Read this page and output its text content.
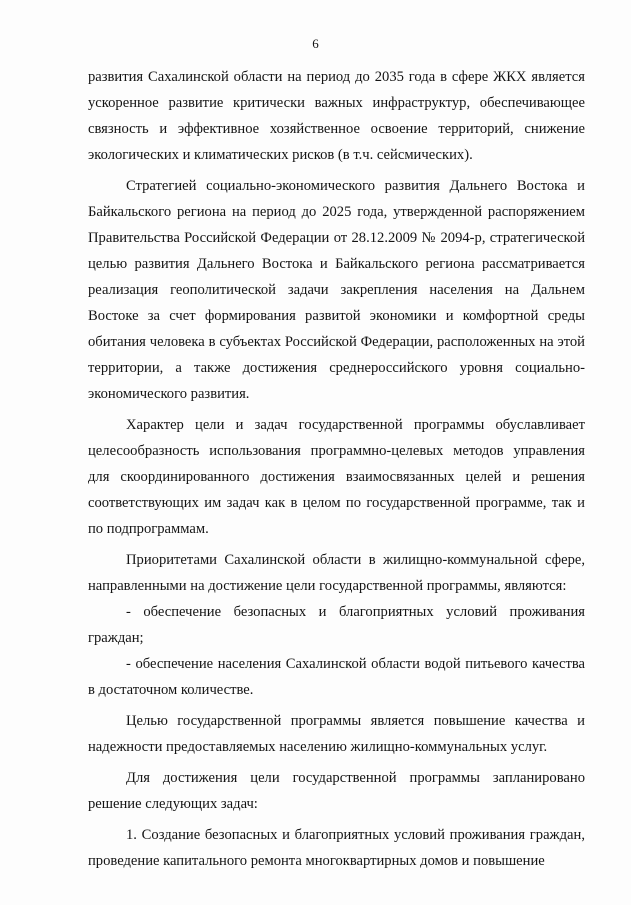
6

развития Сахалинской области на период до 2035 года в сфере ЖКХ является ускоренное развитие критически важных инфраструктур, обеспечивающее связность и эффективное хозяйственное освоение территорий, снижение экологических и климатических рисков (в т.ч. сейсмических).

Стратегией социально-экономического развития Дальнего Востока и Байкальского региона на период до 2025 года, утвержденной распоряжением Правительства Российской Федерации от 28.12.2009 № 2094-р, стратегической целью развития Дальнего Востока и Байкальского региона рассматривается реализация геополитической задачи закрепления населения на Дальнем Востоке за счет формирования развитой экономики и комфортной среды обитания человека в субъектах Российской Федерации, расположенных на этой территории, а также достижения среднероссийского уровня социально-экономического развития.

Характер цели и задач государственной программы обуславливает целесообразность использования программно-целевых методов управления для скоординированного достижения взаимосвязанных целей и решения соответствующих им задач как в целом по государственной программе, так и по подпрограммам.

Приоритетами Сахалинской области в жилищно-коммунальной сфере, направленными на достижение цели государственной программы, являются:

- обеспечение безопасных и благоприятных условий проживания граждан;

- обеспечение населения Сахалинской области водой питьевого качества в достаточном количестве.

Целью государственной программы является повышение качества и надежности предоставляемых населению жилищно-коммунальных услуг.

Для достижения цели государственной программы запланировано решение следующих задач:

1. Создание безопасных и благоприятных условий проживания граждан, проведение капитального ремонта многоквартирных домов и повышение
